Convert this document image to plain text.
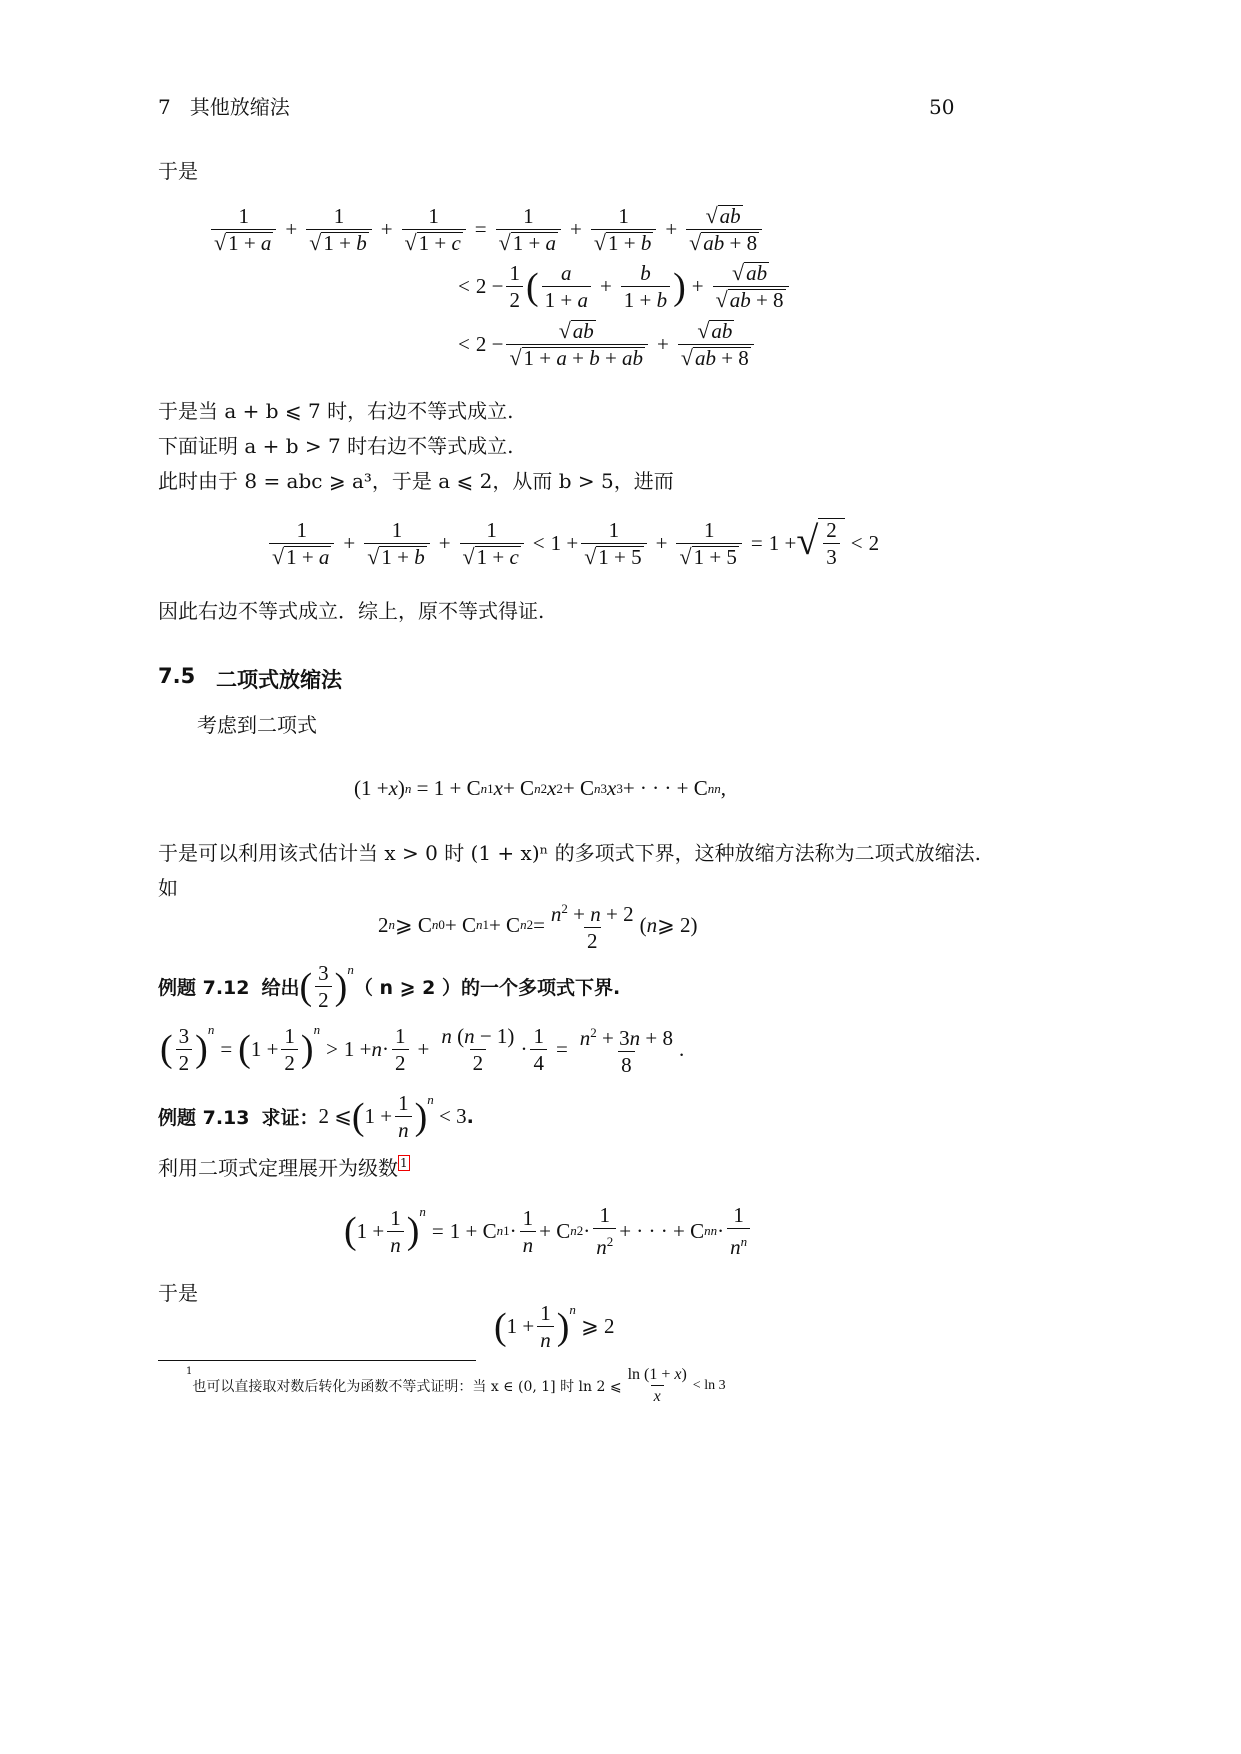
7   其他放缩法	50
于是
$\frac{1}{√ 1 + a} + \frac{1}{√ 1 + b} + \frac{1}{√ 1 + c} = \frac{1}{√ 1 + a} + \frac{1}{√ 1 + b} + \frac{√ ab}{√ ab + 8}$
< $2 - \frac{1}{2}$ ( $\frac{a}{1 + a} + \frac{b}{1 + b}$ ) + $\frac{√ ab}{√ ab + 8}$
< $2 - \frac{√ ab}{√ 1 + a + b + ab} + \frac{√ ab}{√ ab + 8}$
于是当 a + b ⩽ 7 时，右边不等式成立.
下面证明 a + b > 7 时右边不等式成立.
此时由于 8 = abc ⩾ a³，于是 a ⩽ 2，从而 b > 5，进而
$\frac{1}{√ 1 + a} + \frac{1}{√ 1 + b} + \frac{1}{√ 1 + c} < 1 + \frac{1}{√ 1 + 5} + \frac{1}{√ 1 + 5} = 1$ + √ $\frac{2}{3} < 2$
因此右边不等式成立．综上，原不等式得证.
7.5 二项式放缩法
考虑到二项式
(1 + x ) n = 1 + C n 1 x + C n 2 x 2 + C n 3 x 3 + · · · + C n n ,
于是可以利用该式估计当 x > 0 时 (1 + x)ⁿ 的多项式下界，这种放缩方法称为二项式放缩法.
如
2 n ⩾ C n 0 + C n 1 + C n $2 = \frac{n^2 + n + 2}{2}$ ( n ⩾ 2)
例题 7.12 给出 ( $\frac{3}{2}$ ) $^n$
（ n ⩾ 2 ）的一个多项式下界.
( $\frac{3}{2}$ ) $^n$
= ( $1 + \frac{1}{2}$ ) $^n$
> $1 + n \cdot \frac{1}{2} + \frac{n (n - 1)}{2} \cdot \frac{1}{4} = \frac{n^2 + 3n + 8}{8}$ .
例题 7.13 求证： 2 ⩽ ( $1 + \frac{1}{n}$ ) $^n$
< 3 .
利用二项式定理展开为级数 1
( $1 + \frac{1}{n}$ ) $^n$
= 1 + C n $1 \cdot \frac{1}{n} + C$ n $2 \cdot \frac{1}{n^2}$ + · · · + C n $n \cdot \frac{1}{n^n}$
于是
( $1 + \frac{1}{n}$ ) $^n$
⩾ 2
1
也可以直接取对数后转化为函数不等式证明：当 x ∈ (0, 1] 时 ln 2 ⩽ $\frac{\ln (1 + x)}{x} < \ln 3$
